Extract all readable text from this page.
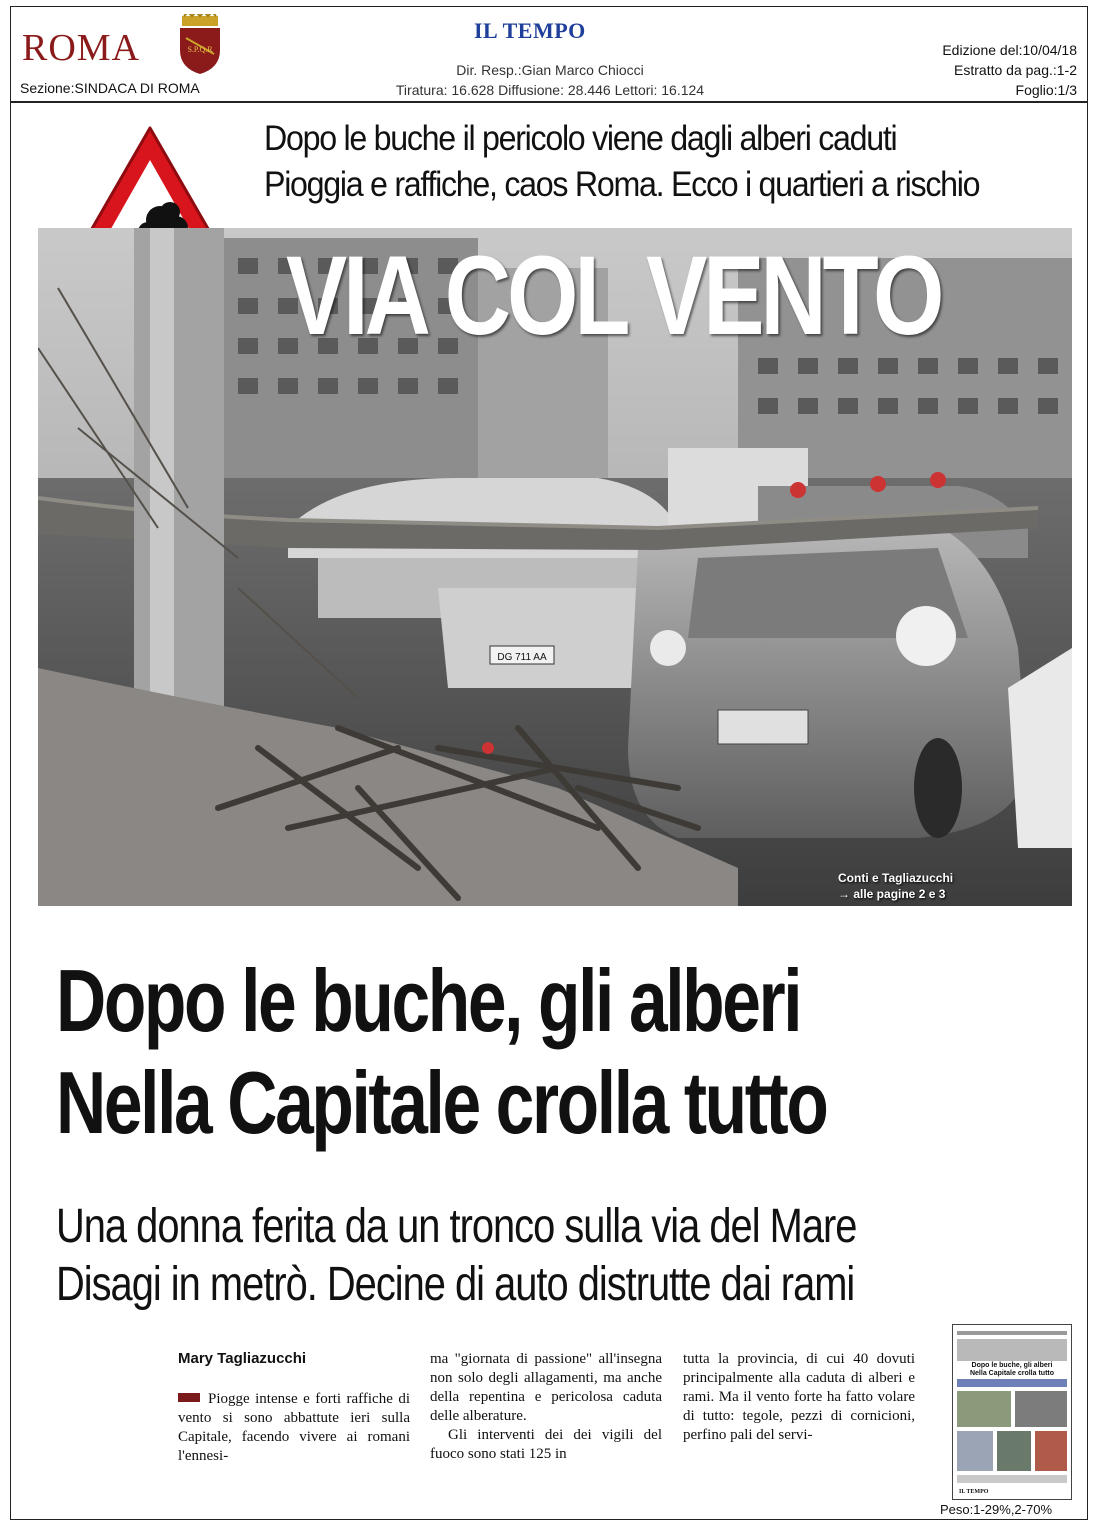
ROMA	S.P.Q.R
Sezione:SINDACA DI ROMA
IL TEMPO
Dir. Resp.:Gian Marco Chiocci
Tiratura: 16.628 Diffusione: 28.446 Lettori: 16.124
Edizione del:10/04/18
Estratto da pag.:1-2
Foglio:1/3
Dopo le buche il pericolo viene dagli alberi caduti
Pioggia e raffiche, caos Roma. Ecco i quartieri a rischio
DG 711 AA
VIA COL VENTO
Conti e Tagliazucchi
→ alle pagine 2 e 3
Dopo le buche, gli alberi
Nella Capitale crolla tutto
Una donna ferita da un tronco sulla via del Mare
Disagi in metrò. Decine di auto distrutte dai rami
Mary Tagliazucchi

Piogge intense e forti raffiche di vento si sono abbattute ieri sulla Capitale, facendo vivere ai romani l'ennesi-

ma "giornata di passione" all'insegna non solo degli allagamenti, ma anche della repentina e pericolosa caduta delle alberature.

Gli interventi dei dei vigili del fuoco sono stati 125 in

tutta la provincia, di cui 40 dovuti principalmente alla caduta di alberi e rami. Ma il vento forte ha fatto volare di tutto: tegole, pezzi di cornicioni, perfino pali del servi-

Dopo le buche, gli alberi
Nella Capitale crolla tutto
IL TEMPO
Peso:1-29%,2-70%
